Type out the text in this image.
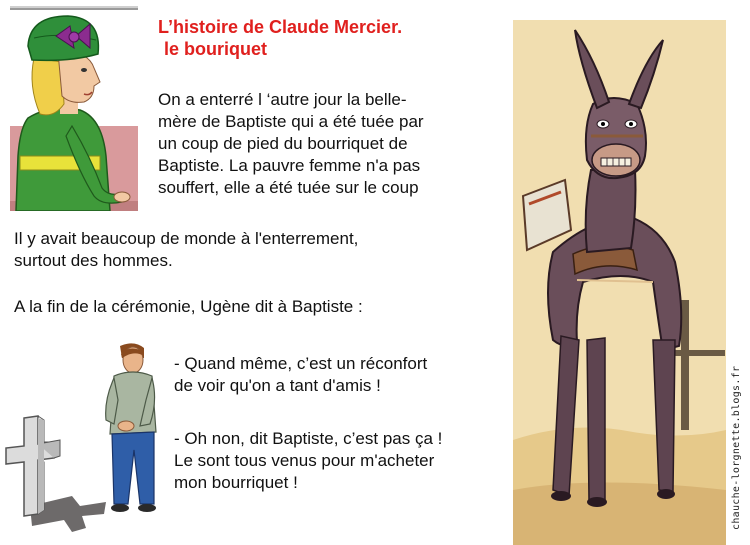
L’histoire de Claude Mercier.
le bouriquet
On a enterré l ‘autre jour la belle-
mère de Baptiste qui a été tuée par
un coup de pied du bourriquet de
Baptiste. La pauvre femme n'a pas
souffert, elle a été tuée sur le coup
Il y avait beaucoup de monde à l'enterrement,
surtout des hommes.
A la fin de la cérémonie, Ugène dit à Baptiste :
- Quand même, c’est un réconfort
de voir qu'on a tant d'amis !
- Oh non, dit Baptiste, c’est pas ça !
Le sont tous venus pour m'acheter
mon bourriquet !	chauche-lorgnette.blogs.fr
